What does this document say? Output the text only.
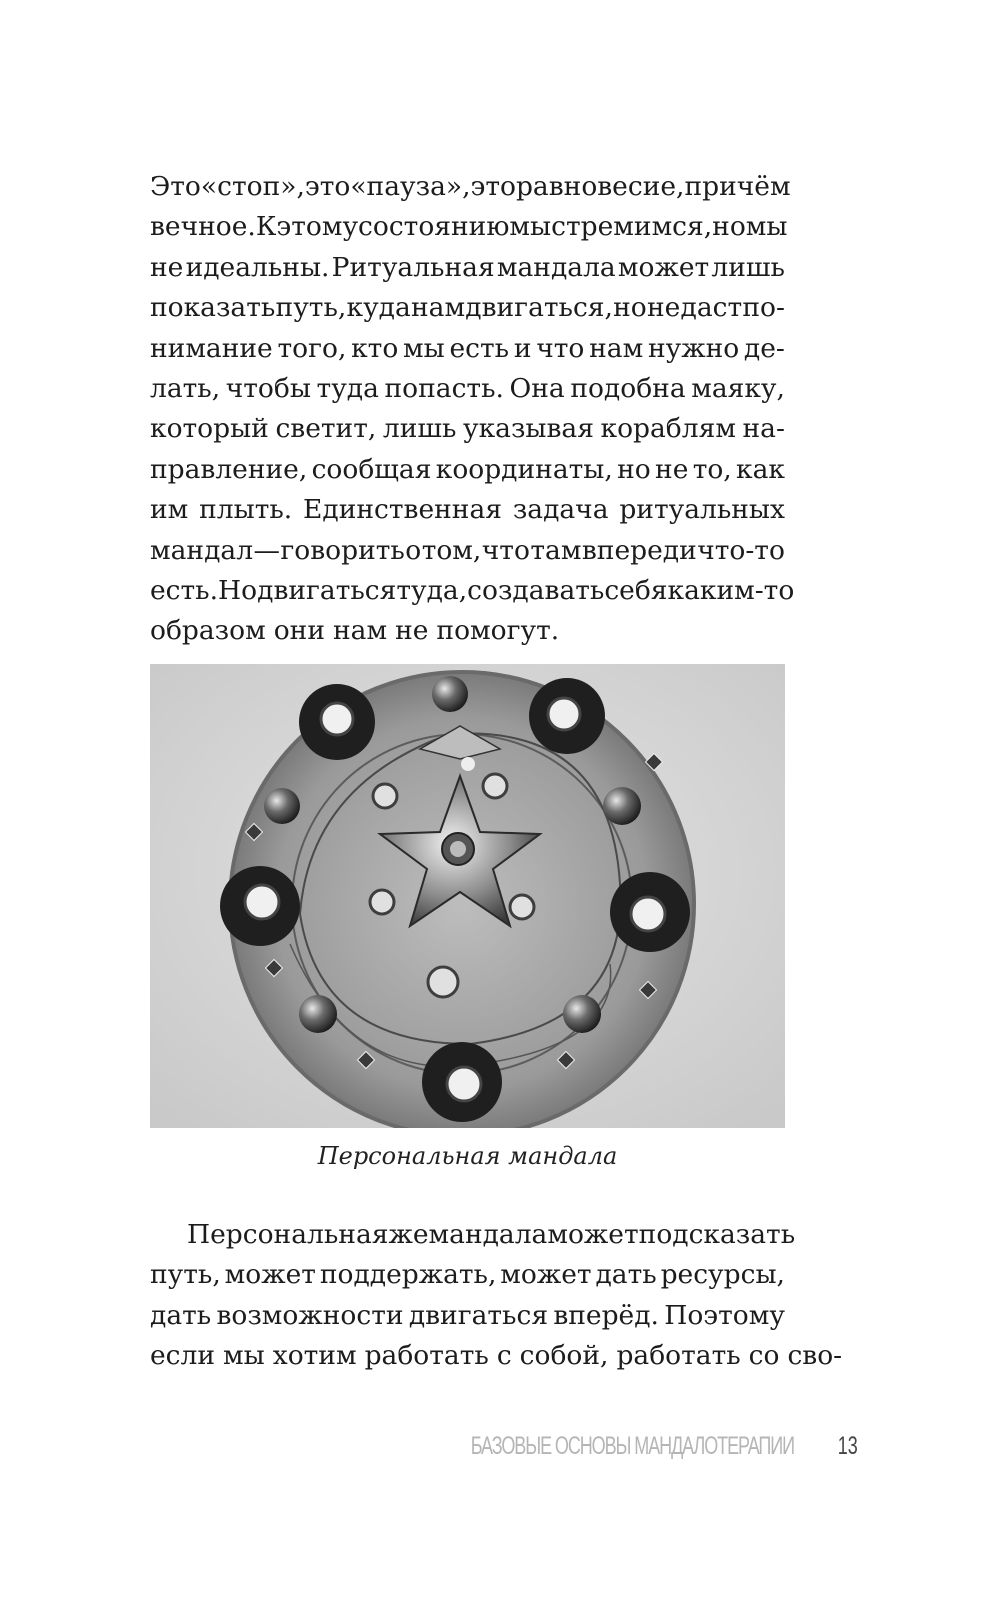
Это «стоп», это «пауза», это равновесие, причём
вечное. К этому состоянию мы стремимся, но мы
не идеальны. Ритуальная мандала может лишь
показать путь, куда нам двигаться, но не даст по-
нимание того, кто мы есть и что нам нужно де-
лать, чтобы туда попасть. Она подобна маяку,
который светит, лишь указывая кораблям на-
правление, сообщая координаты, но не то, как
им плыть. Единственная задача ритуальных
мандал — говорить о том, что там впереди что-то
есть. Но двигаться туда, создавать себя каким-то
образом они нам не помогут.
Персональная мандала
Персональная же мандала может подсказать
путь, может поддержать, может дать ресурсы,
дать возможности двигаться вперёд. Поэтому
если мы хотим работать с собой, работать со сво-
БАЗОВЫЕ ОСНОВЫ МАНДАЛОТЕРАПИИ 13
